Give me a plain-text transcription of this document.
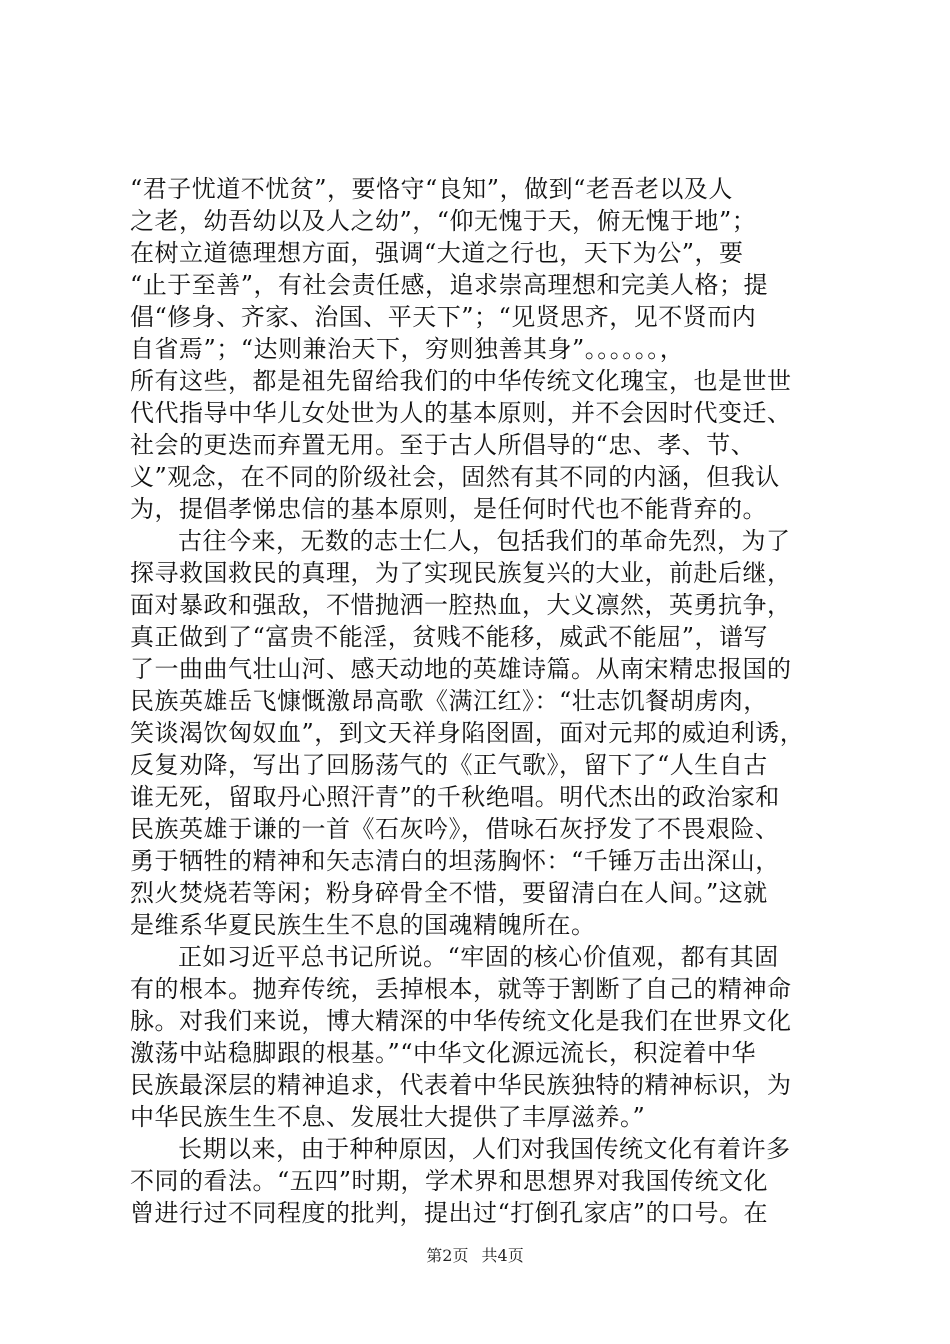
“君子忧道不忧贫”，要恪守“良知”，做到“老吾老以及人
之老，幼吾幼以及人之幼”，“仰无愧于天，俯无愧于地”；
在树立道德理想方面，强调“大道之行也，天下为公”，要
“止于至善”，有社会责任感，追求崇高理想和完美人格；提
倡“修身、齐家、治国、平天下”；“见贤思齐，见不贤而内
自省焉”；“达则兼治天下，穷则独善其身”。。。。。。，
所有这些，都是祖先留给我们的中华传统文化瑰宝，也是世世
代代指导中华儿女处世为人的基本原则，并不会因时代变迁、
社会的更迭而弃置无用。至于古人所倡导的“忠、孝、节、
义”观念，在不同的阶级社会，固然有其不同的内涵，但我认
为，提倡孝悌忠信的基本原则，是任何时代也不能背弃的。
古往今来，无数的志士仁人，包括我们的革命先烈，为了
探寻救国救民的真理，为了实现民族复兴的大业，前赴后继，
面对暴政和强敌，不惜抛洒一腔热血，大义凛然，英勇抗争，
真正做到了“富贵不能淫，贫贱不能移，威武不能屈”，谱写
了一曲曲气壮山河、感天动地的英雄诗篇。从南宋精忠报国的
民族英雄岳飞慷慨激昂高歌《满江红》：“壮志饥餐胡虏肉，
笑谈渴饮匈奴血”，到文天祥身陷囹圄，面对元邦的威迫利诱，
反复劝降，写出了回肠荡气的《正气歌》，留下了“人生自古
谁无死，留取丹心照汗青”的千秋绝唱。明代杰出的政治家和
民族英雄于谦的一首《石灰吟》，借咏石灰抒发了不畏艰险、
勇于牺牲的精神和矢志清白的坦荡胸怀：“千锤万击出深山，
烈火焚烧若等闲；粉身碎骨全不惜，要留清白在人间。”这就
是维系华夏民族生生不息的国魂精魄所在。
正如习近平总书记所说。“牢固的核心价值观，都有其固
有的根本。抛弃传统，丢掉根本，就等于割断了自己的精神命
脉。对我们来说，博大精深的中华传统文化是我们在世界文化
激荡中站稳脚跟的根基。”“中华文化源远流长，积淀着中华
民族最深层的精神追求，代表着中华民族独特的精神标识，为
中华民族生生不息、发展壮大提供了丰厚滋养。”
长期以来，由于种种原因，人们对我国传统文化有着许多
不同的看法。“五四”时期，学术界和思想界对我国传统文化
曾进行过不同程度的批判，提出过“打倒孔家店”的口号。在
第2页 共4页
